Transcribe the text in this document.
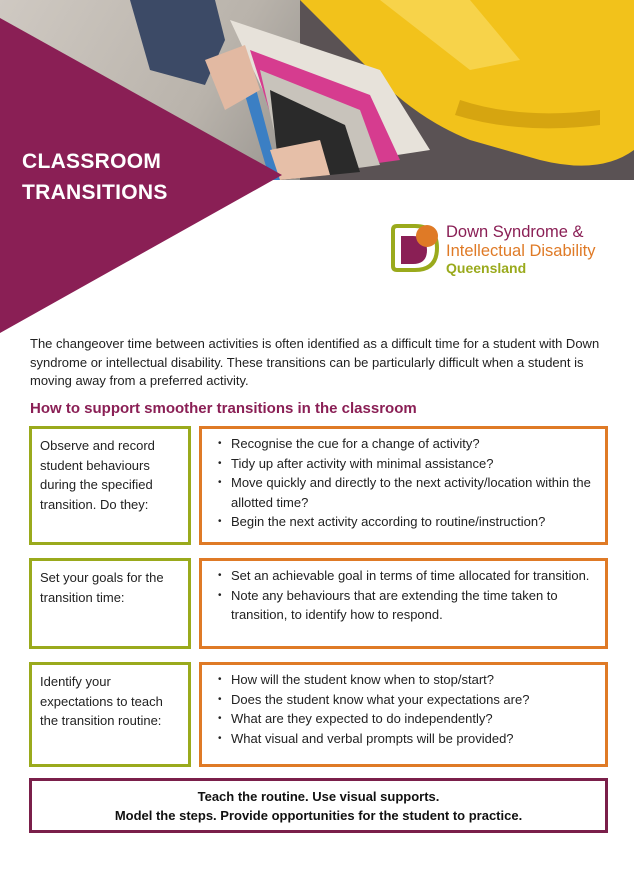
CLASSROOM
TRANSITIONS
Down Syndrome &
Intellectual Disability
Queensland

The changeover time between activities is often identified as a difficult time for a student with Down syndrome or intellectual disability. These transitions can be particularly difficult when a student is moving away from a preferred activity.

How to support smoother transitions in the classroom
Observe and record student behaviours during the specified transition. Do they:
• Recognise the cue for a change of activity?
• Tidy up after activity with minimal assistance?
• Move quickly and directly to the next activity/location within the allotted time?
• Begin the next activity according to routine/instruction?
Set your goals for the transition time:
• Set an achievable goal in terms of time allocated for transition.
• Note any behaviours that are extending the time taken to transition, to identify how to respond.
Identify your expectations to teach the transition routine:
• How will the student know when to stop/start?
• Does the student know what your expectations are?
• What are they expected to do independently?
• What visual and verbal prompts will be provided?

Teach the routine. Use visual supports.

Model the steps. Provide opportunities for the student to practice.
